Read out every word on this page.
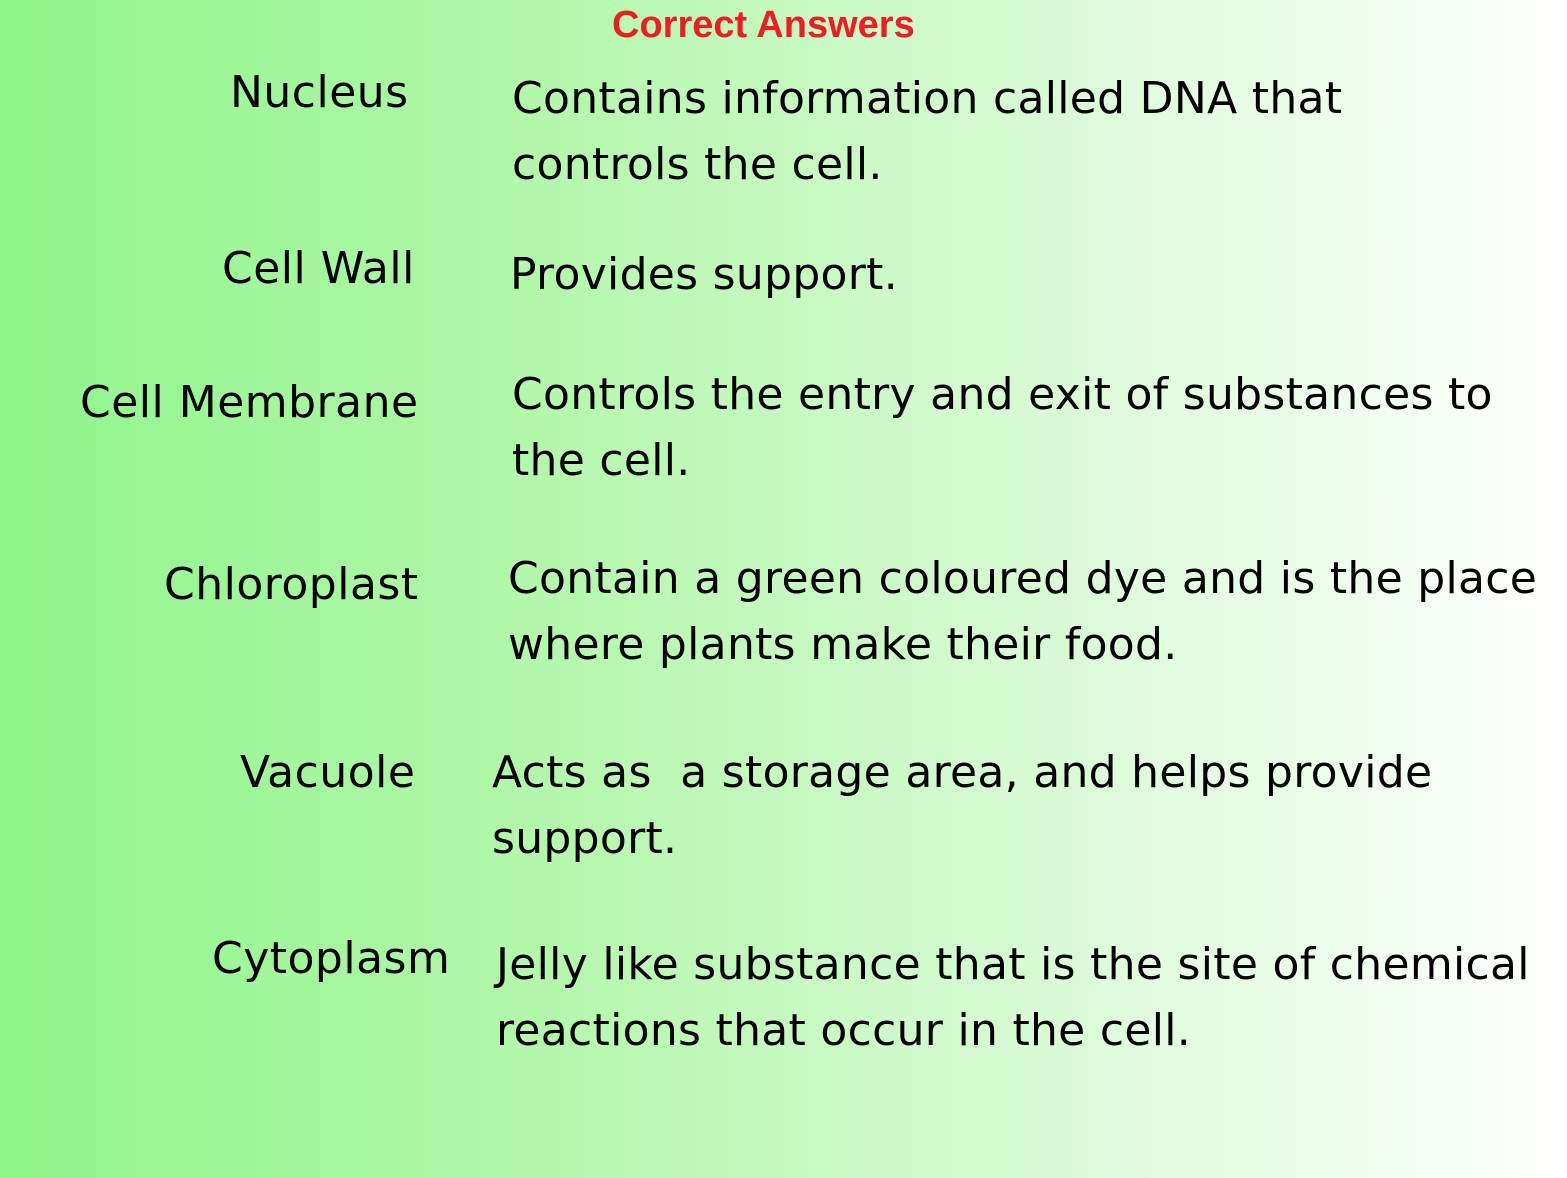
Correct Answers
Nucleus Contains information called DNA that
controls the cell.
Cell Wall Provides support.
Cell Membrane Controls the entry and exit of substances to
the cell.
Chloroplast Contain a green coloured dye and is the place
where plants make their food.
Vacuole Acts as  a storage area, and helps provide
support.
Cytoplasm Jelly like substance that is the site of chemical
reactions that occur in the cell.
